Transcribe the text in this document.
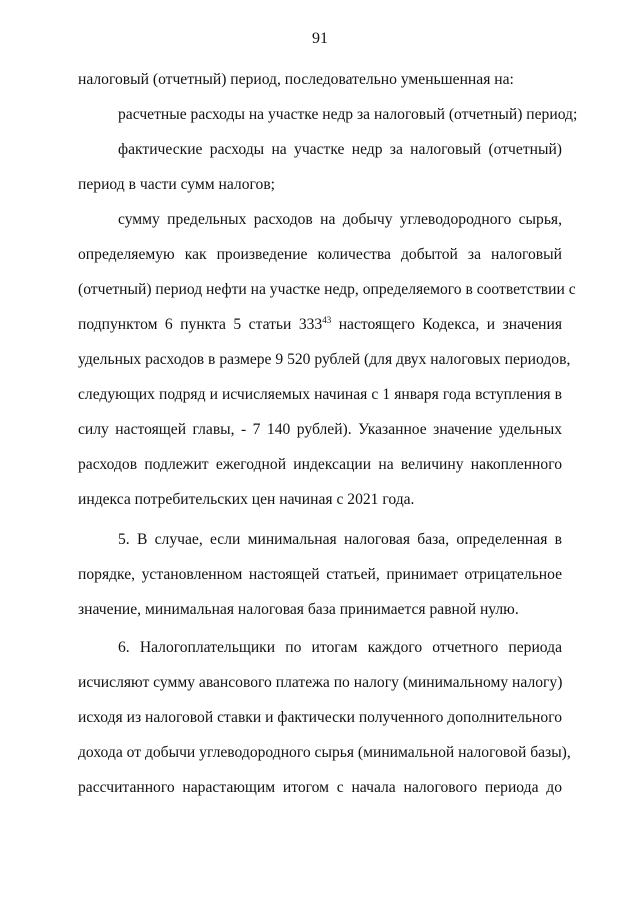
91
налоговый (отчетный) период, последовательно уменьшенная на:
расчетные расходы на участке недр за налоговый (отчетный) период;
фактические расходы на участке недр за налоговый (отчетный)
период в части сумм налогов;
сумму предельных расходов на добычу углеводородного сырья,
определяемую как произведение количества добытой за налоговый
(отчетный) период нефти на участке недр, определяемого в соответствии с
подпунктом 6 пункта 5 статьи $333^{43}$ настоящего Кодекса, и значения
удельных расходов в размере 9 520 рублей (для двух налоговых периодов,
следующих подряд и исчисляемых начиная с 1 января года вступления в
силу настоящей главы, - 7 140 рублей). Указанное значение удельных
расходов подлежит ежегодной индексации на величину накопленного
индекса потребительских цен начиная с 2021 года.
5. В случае, если минимальная налоговая база, определенная в
порядке, установленном настоящей статьей, принимает отрицательное
значение, минимальная налоговая база принимается равной нулю.
6. Налогоплательщики по итогам каждого отчетного периода
исчисляют сумму авансового платежа по налогу (минимальному налогу)
исходя из налоговой ставки и фактически полученного дополнительного
дохода от добычи углеводородного сырья (минимальной налоговой базы),
рассчитанного нарастающим итогом с начала налогового периода до
